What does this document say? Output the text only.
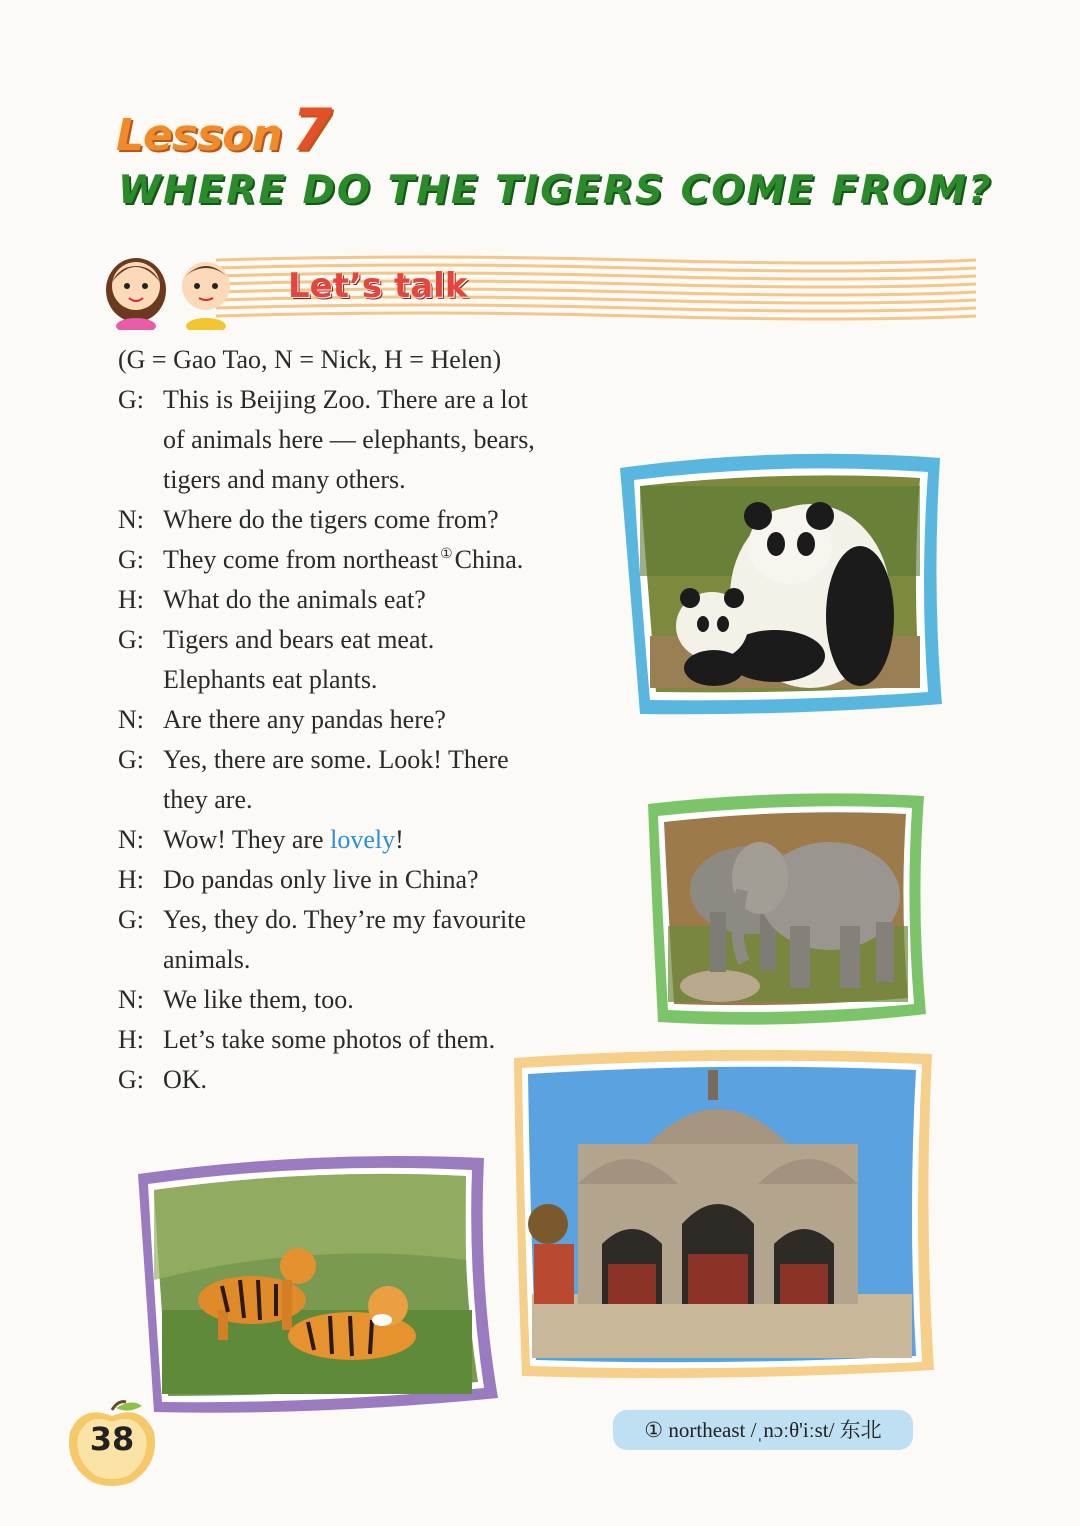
Lesson 7
WHERE DO THE TIGERS COME FROM?
Let’s talk
(G = Gao Tao, N = Nick, H = Helen)
G: This is Beijing Zoo. There are a lot
of animals here — elephants, bears,
tigers and many others.
N: Where do the tigers come from?
G: They come from northeast ①China.
H: What do the animals eat?
G: Tigers and bears eat meat.
Elephants eat plants.
N: Are there any pandas here?
G: Yes, there are some. Look! There
they are.
N: Wow! They are lovely!
H: Do pandas only live in China?
G: Yes, they do. They’re my favourite
animals.
N: We like them, too.
H: Let’s take some photos of them.
G: OK.
① northeast /ˌnɔːθ'iːst/ 东北
38
